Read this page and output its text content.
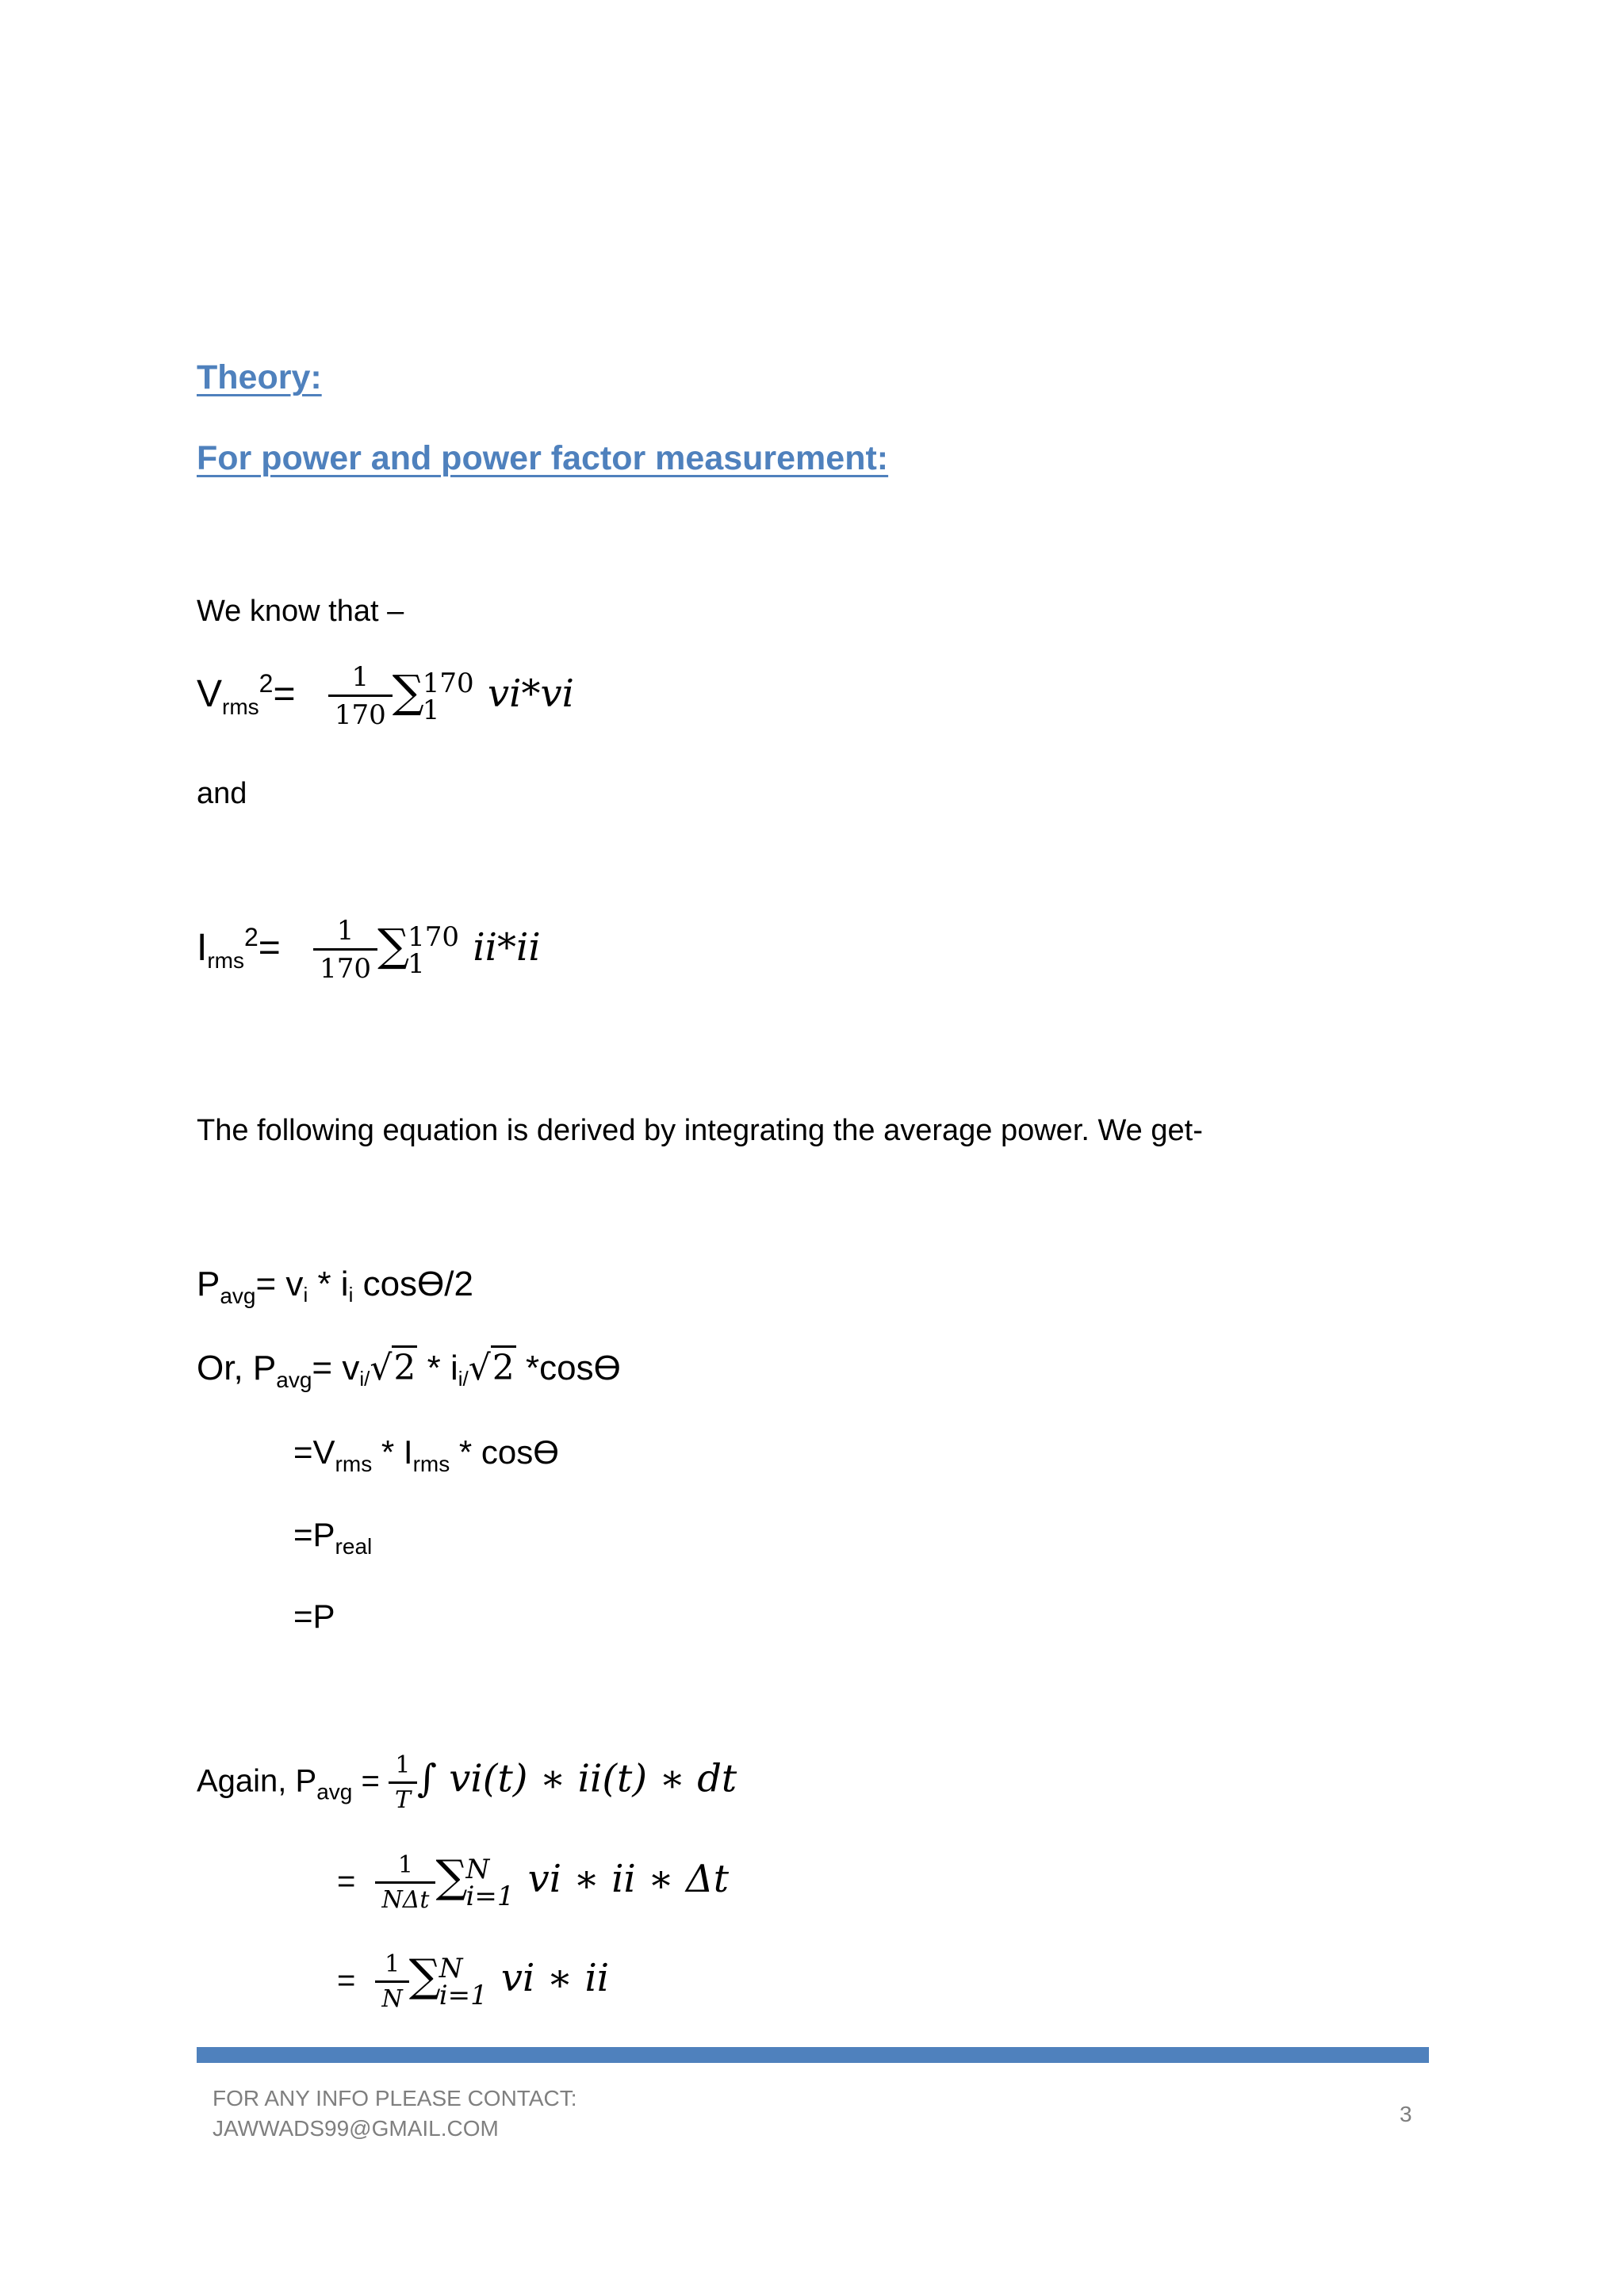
Theory:
For power and power factor measurement:
We know that –
$V_{rms}^2= \frac{1}{170}$ ∑
170
1	𝑣𝑖*𝑣𝑖
and
$I_{rms}^2= \frac{1}{170}$ ∑
170
1	𝑖𝑖*𝑖𝑖
The following equation is derived by integrating the average power. We get-
$P_{avg}= v_i * i_i$ cosϴ/2
Or, $P_{avg}= v_{i/}√2 * i_{i/}√2$ *cosϴ
$=V_{rms} * I_{rms} * \cos ϴ$
$=P_{real}$
=P
Again, $P_{avg} = \frac{1}{\text{𝑇}}$ ∫ 𝑣𝑖(𝑡) ∗ 𝑖𝑖(𝑡) ∗ 𝑑𝑡
= $\frac{1}{\text{𝑁Δ𝑡}}$ ∑
𝑁
𝑖=1 𝑣𝑖 ∗ 𝑖𝑖 ∗ Δ𝑡
= $\frac{1}{\text{𝑁}}$ ∑
𝑁
𝑖=1 𝑣𝑖 ∗ 𝑖𝑖
FOR ANY INFO PLEASE CONTACT:
JAWWADS99@GMAIL.COM
3
